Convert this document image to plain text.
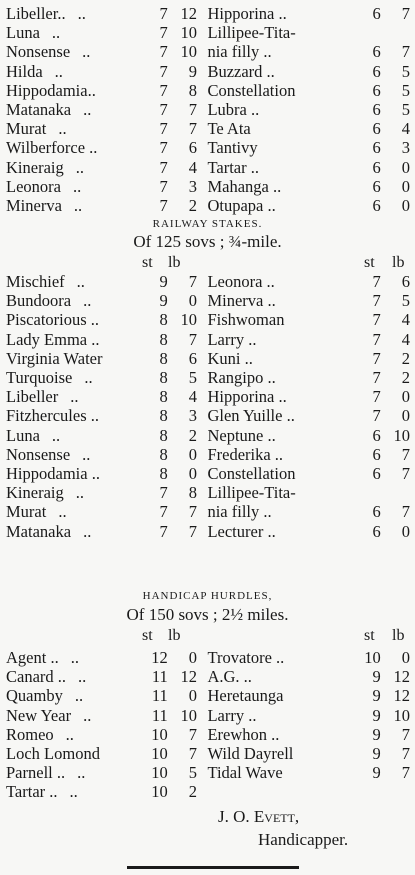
Libeller.. ..	7	12		Hipporina ..	6	7
Luna ..	7	10		Lillipee-Tita-		
Nonsense ..	7	10		nia filly ..	6	7
Hilda ..	7	9		Buzzard ..	6	5
Hippodamia..	7	8		Constellation	6	5
Matanaka ..	7	7		Lubra ..	6	5
Murat ..	7	7		Te Ata	6	4
Wilberforce ..	7	6		Tantivy	6	3
Kineraig ..	7	4		Tartar ..	6	0
Leonora ..	7	3		Mahanga ..	6	0
Minerva ..	7	2		Otupapa ..	6	0
RAILWAY STAKES.
Of 125 sovs ; ¾-mile.
st lb	st lb
Mischief ..	9	7		Leonora ..	7	6
Bundoora ..	9	0		Minerva ..	7	5
Piscatorious ..	8	10		Fishwoman	7	4
Lady Emma ..	8	7		Larry ..	7	4
Virginia Water	8	6		Kuni ..	7	2
Turquoise ..	8	5		Rangipo ..	7	2
Libeller ..	8	4		Hipporina ..	7	0
Fitzhercules ..	8	3		Glen Yuille ..	7	0
Luna ..	8	2		Neptune ..	6	10
Nonsense ..	8	0		Frederika ..	6	7
Hippodamia ..	8	0		Constellation	6	7
Kineraig ..	7	8		Lillipee-Tita-		
Murat ..	7	7		nia filly ..	6	7
Matanaka ..	7	7		Lecturer ..	6	0
HANDICAP HURDLES,
Of 150 sovs ; 2½ miles.
st lb	st lb
Agent .. ..	12	0		Trovatore ..	10	0
Canard .. ..	11	12		A.G. ..	9	12
Quamby ..	11	0		Heretaunga	9	12
New Year ..	11	10		Larry ..	9	10
Romeo ..	10	7		Erewhon ..	9	7
Loch Lomond	10	7		Wild Dayrell	9	7
Parnell .. ..	10	5		Tidal Wave	9	7
Tartar .. ..	10	2				
J. O. Evett,
Handicapper.
